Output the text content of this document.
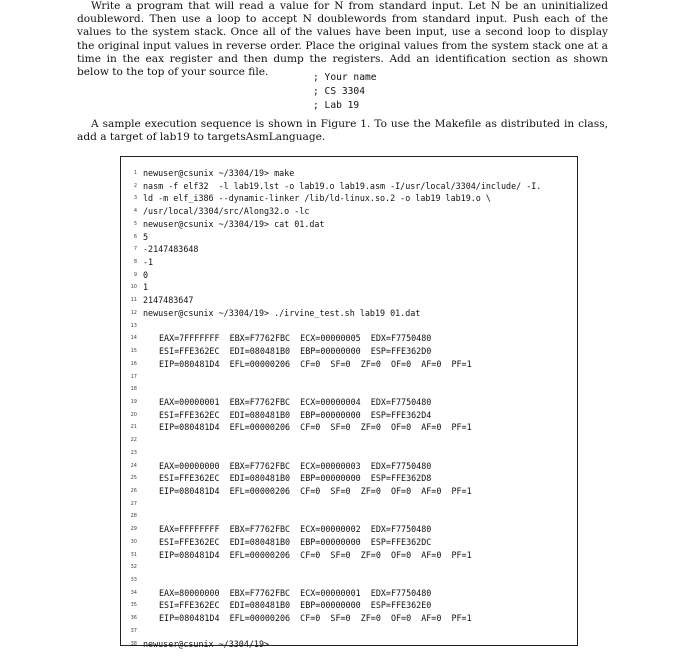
Write a program that will read a value for N from standard input. Let N be an uninitialized doubleword. Then use a loop to accept N doublewords from standard input. Push each of the values to the system stack. Once all of the values have been input, use a second loop to display the original input values in reverse order. Place the original values from the system stack one at a time in the eax register and then dump the registers. Add an identification section as shown below to the top of your source file.	; Your name
; CS 3304
; Lab 19

A sample execution sequence is shown in Figure 1. To use the Makefile as distributed in class, add a target of lab19 to targetsAsmLanguage.

1 newuser@csunix ~/3304/19> make
2 nasm -f elf32  -l lab19.lst -o lab19.o lab19.asm -I/usr/local/3304/include/ -I.
3 ld -m elf_i386 --dynamic-linker /lib/ld-linux.so.2 -o lab19 lab19.o \
4 /usr/local/3304/src/Along32.o -lc
5 newuser@csunix ~/3304/19> cat 01.dat
6 5
7 -2147483648
8 -1
9 0
10 1
11 2147483647
12 newuser@csunix ~/3304/19> ./irvine_test.sh lab19 01.dat
13
14	EAX=7FFFFFFF  EBX=F7762FBC  ECX=00000005  EDX=F7750480
15	ESI=FFE362EC  EDI=080481B0  EBP=00000000  ESP=FFE362D0
16	EIP=080481D4  EFL=00000206  CF=0  SF=0  ZF=0  OF=0  AF=0  PF=1
17
18
19	EAX=00000001  EBX=F7762FBC  ECX=00000004  EDX=F7750480
20	ESI=FFE362EC  EDI=080481B0  EBP=00000000  ESP=FFE362D4
21	EIP=080481D4  EFL=00000206  CF=0  SF=0  ZF=0  OF=0  AF=0  PF=1
22
23
24	EAX=00000000  EBX=F7762FBC  ECX=00000003  EDX=F7750480
25	ESI=FFE362EC  EDI=080481B0  EBP=00000000  ESP=FFE362D8
26	EIP=080481D4  EFL=00000206  CF=0  SF=0  ZF=0  OF=0  AF=0  PF=1
27
28
29	EAX=FFFFFFFF  EBX=F7762FBC  ECX=00000002  EDX=F7750480
30	ESI=FFE362EC  EDI=080481B0  EBP=00000000  ESP=FFE362DC
31	EIP=080481D4  EFL=00000206  CF=0  SF=0  ZF=0  OF=0  AF=0  PF=1
32
33
34	EAX=80000000  EBX=F7762FBC  ECX=00000001  EDX=F7750480
35	ESI=FFE362EC  EDI=080481B0  EBP=00000000  ESP=FFE362E0
36	EIP=080481D4  EFL=00000206  CF=0  SF=0  ZF=0  OF=0  AF=0  PF=1
37
38 newuser@csunix ~/3304/19>
